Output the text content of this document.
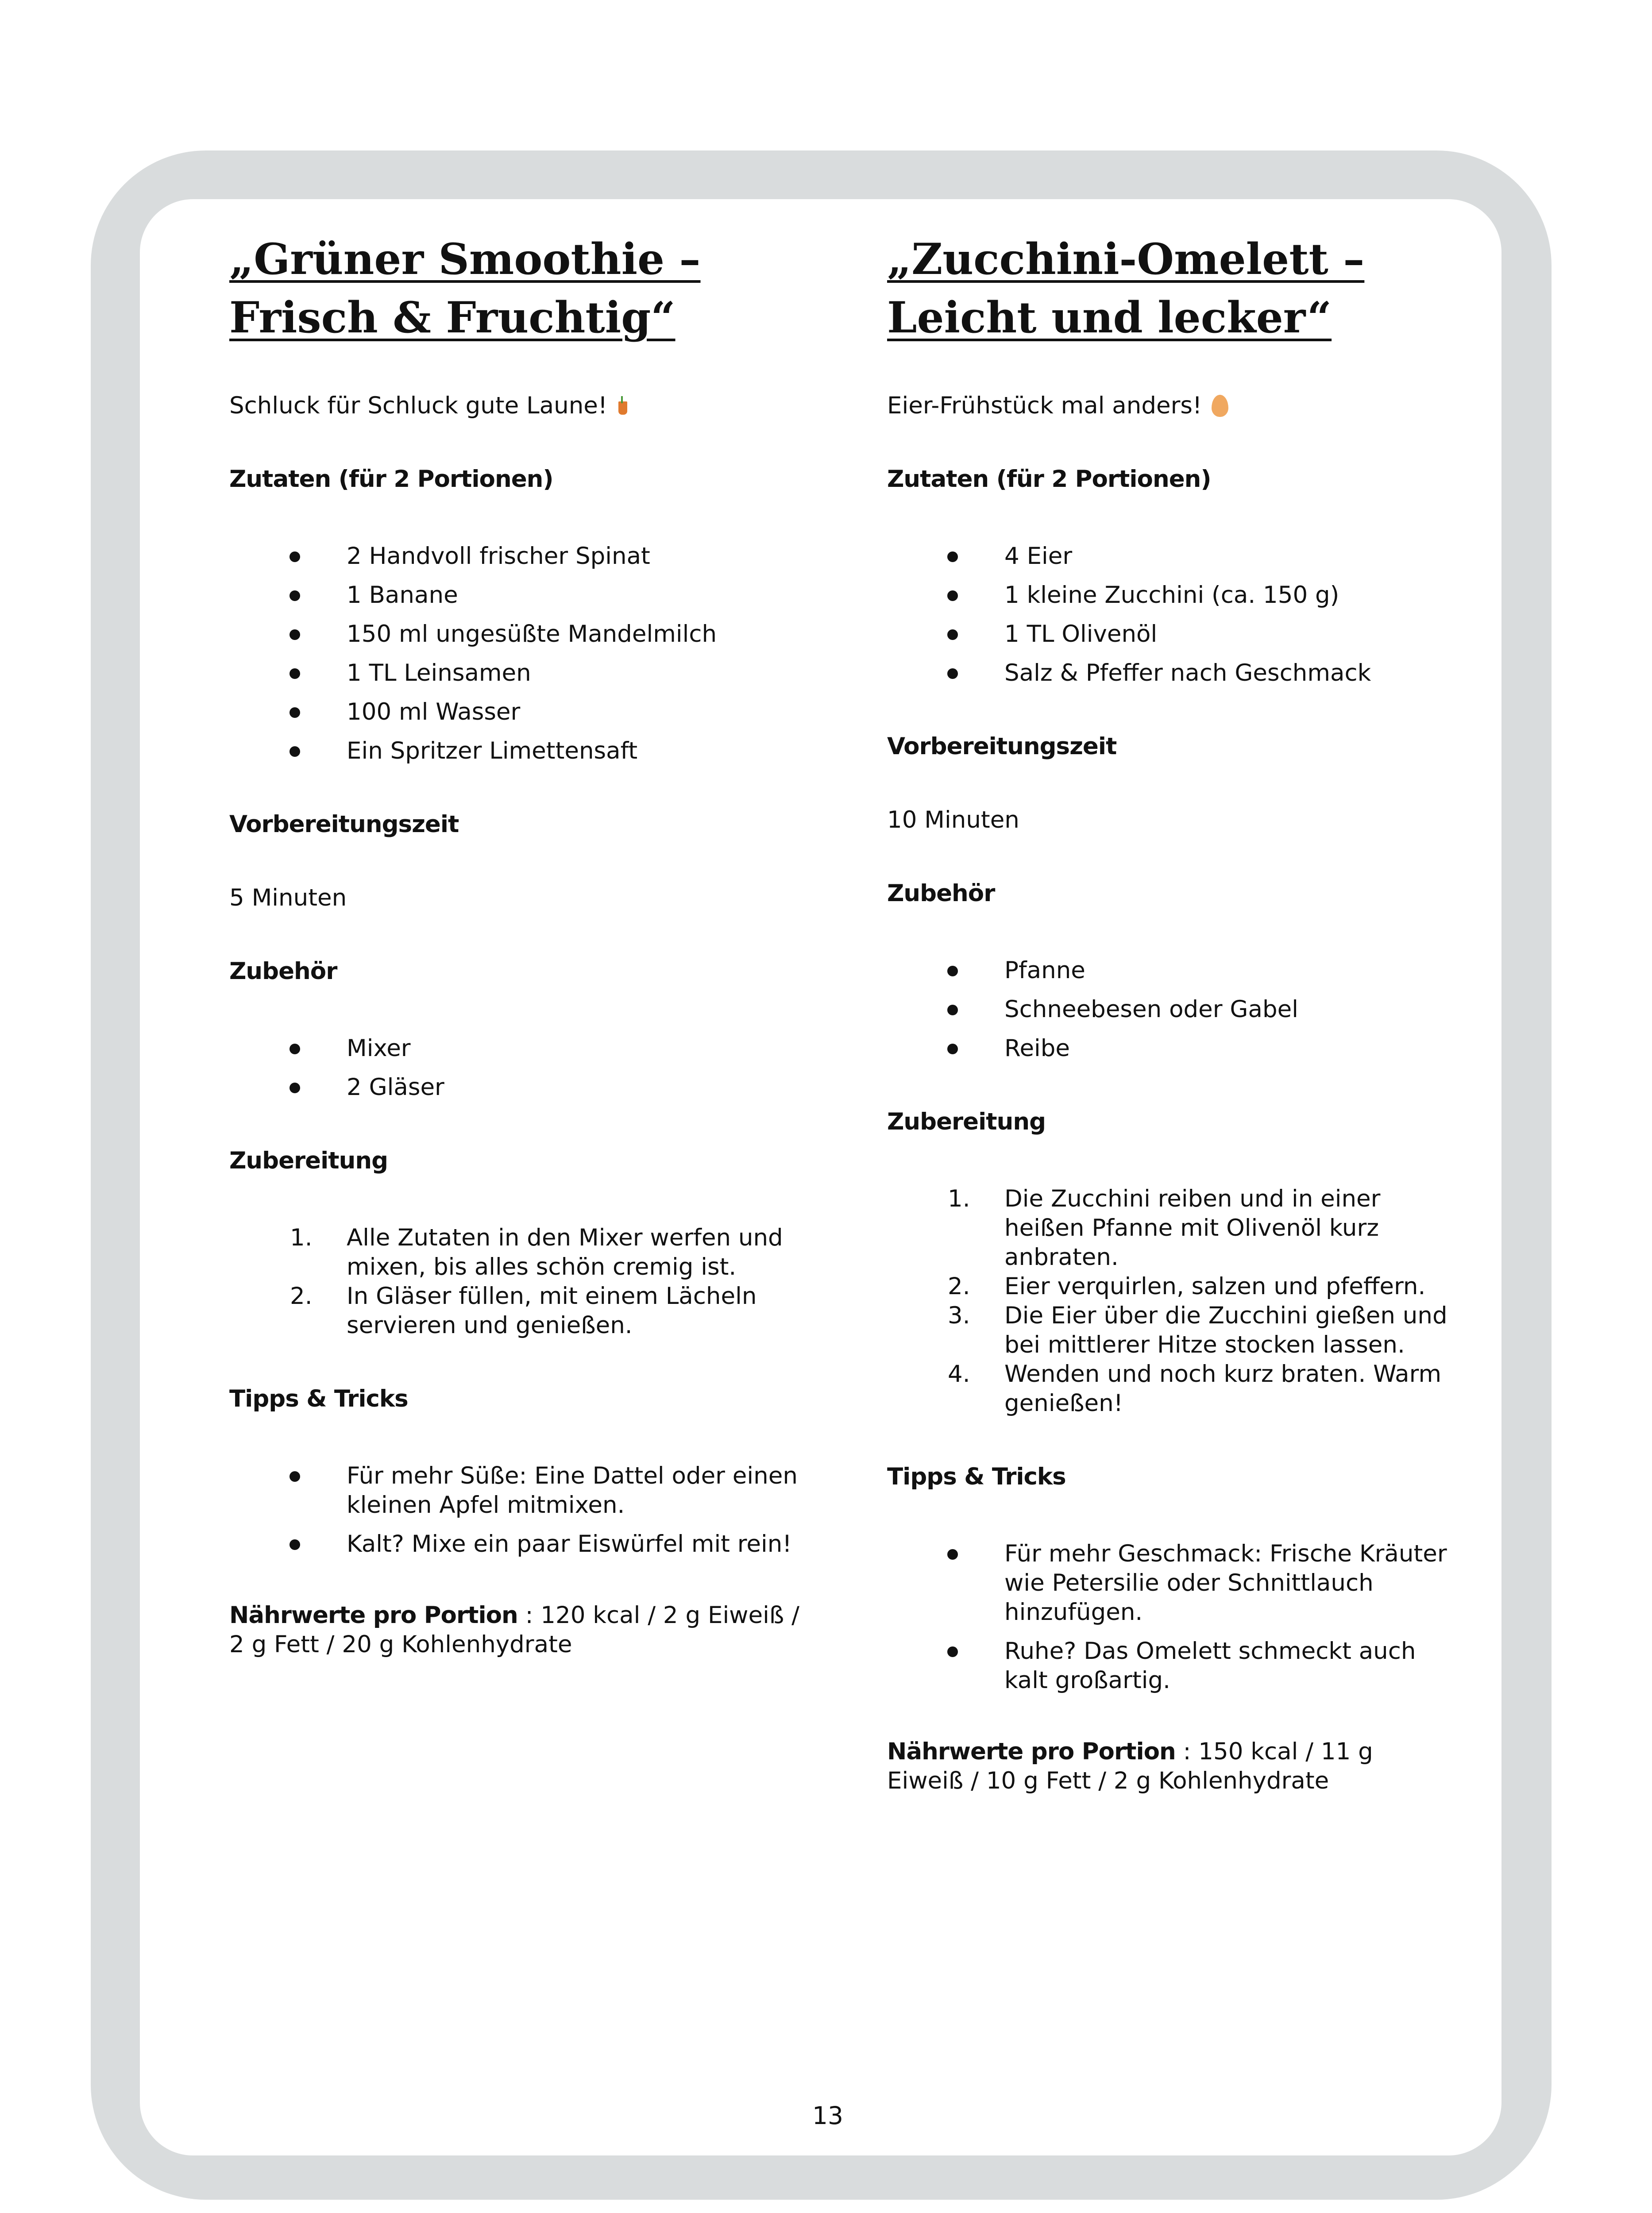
„Grüner Smoothie –
Frisch & Fruchtig“

Schluck für Schluck gute Laune!

Zutaten (für 2 Portionen)

2 Handvoll frischer Spinat
1 Banane
150 ml ungesüßte Mandelmilch
1 TL Leinsamen
100 ml Wasser
Ein Spritzer Limettensaft

Vorbereitungszeit

5 Minuten

Zubehör

Mixer
2 Gläser

Zubereitung

1. Alle Zutaten in den Mixer werfen und mixen, bis alles schön cremig ist.
2. In Gläser füllen, mit einem Lächeln servieren und genießen.

Tipps & Tricks

Für mehr Süße: Eine Dattel oder einen kleinen Apfel mitmixen.
Kalt? Mixe ein paar Eiswürfel mit rein!

Nährwerte pro Portion : 120 kcal / 2 g Eiweiß / 2 g Fett / 20 g Kohlenhydrate

„Zucchini-Omelett –
Leicht und lecker“

Eier-Frühstück mal anders!

Zutaten (für 2 Portionen)

4 Eier
1 kleine Zucchini (ca. 150 g)
1 TL Olivenöl
Salz & Pfeffer nach Geschmack

Vorbereitungszeit

10 Minuten

Zubehör

Pfanne
Schneebesen oder Gabel
Reibe

Zubereitung

1. Die Zucchini reiben und in einer heißen Pfanne mit Olivenöl kurz anbraten.
2. Eier verquirlen, salzen und pfeffern.
3. Die Eier über die Zucchini gießen und bei mittlerer Hitze stocken lassen.
4. Wenden und noch kurz braten. Warm genießen!

Tipps & Tricks

Für mehr Geschmack: Frische Kräuter wie Petersilie oder Schnittlauch hinzufügen.
Ruhe? Das Omelett schmeckt auch kalt großartig.

Nährwerte pro Portion : 150 kcal / 11 g Eiweiß / 10 g Fett / 2 g Kohlenhydrate

13
